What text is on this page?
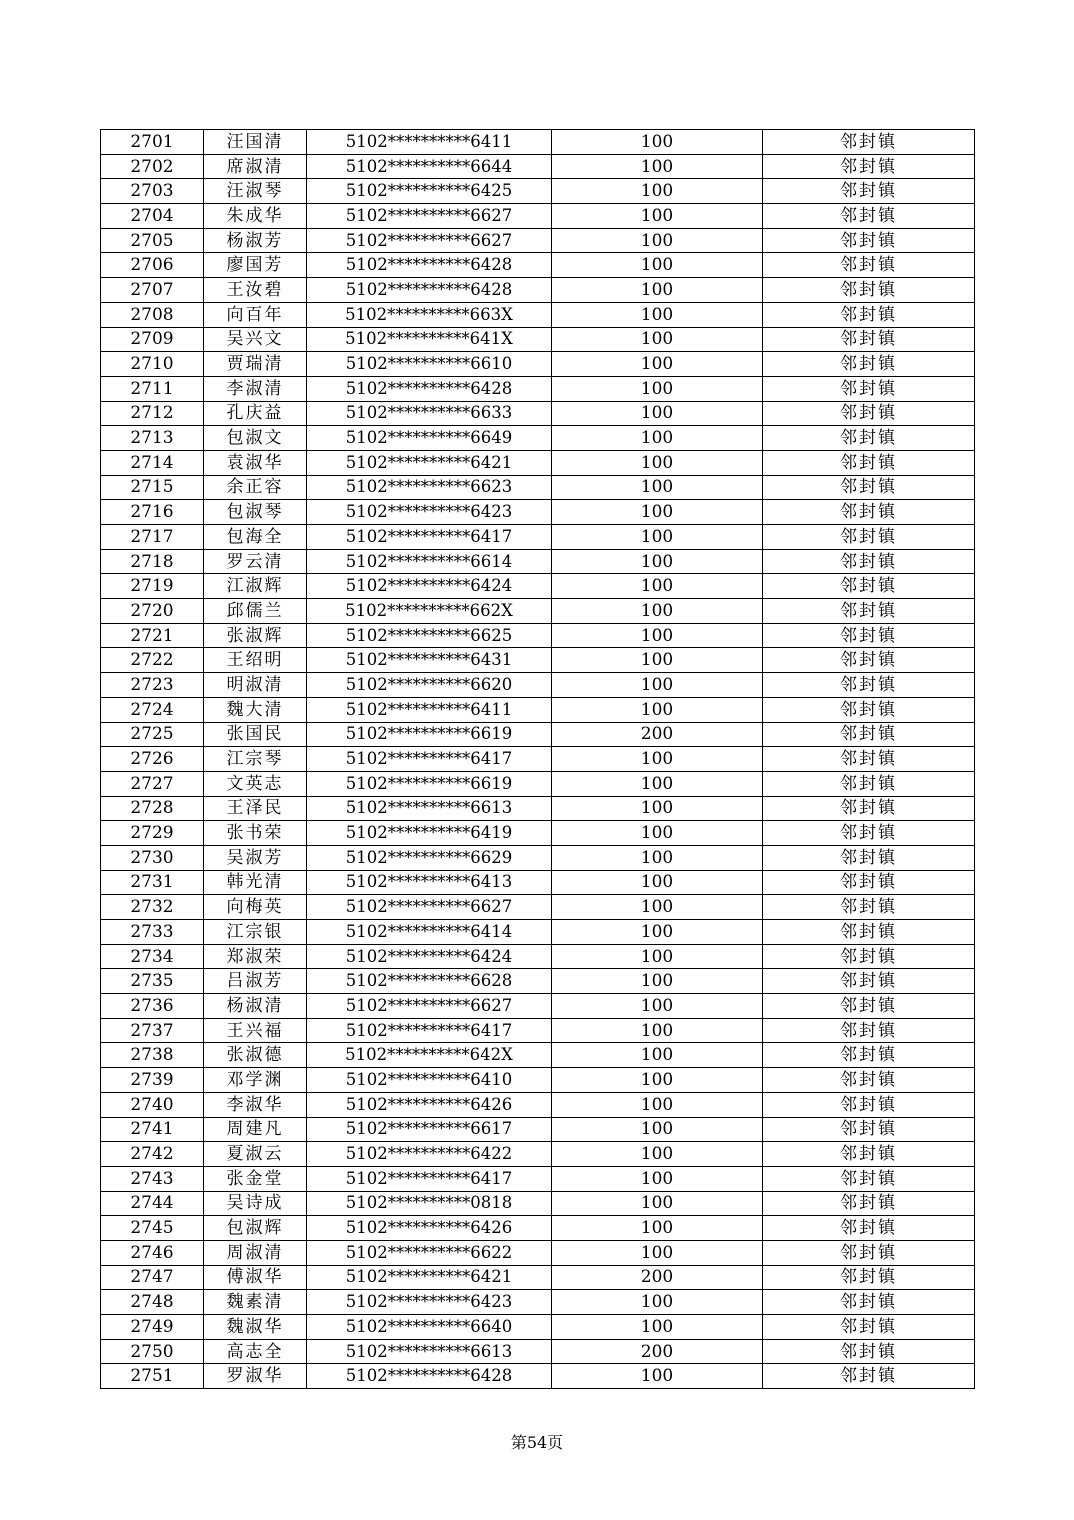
2701	汪国清	5102**********6411	100	邻封镇
2702	席淑清	5102**********6644	100	邻封镇
2703	汪淑琴	5102**********6425	100	邻封镇
2704	朱成华	5102**********6627	100	邻封镇
2705	杨淑芳	5102**********6627	100	邻封镇
2706	廖国芳	5102**********6428	100	邻封镇
2707	王汝碧	5102**********6428	100	邻封镇
2708	向百年	5102**********663X	100	邻封镇
2709	吴兴文	5102**********641X	100	邻封镇
2710	贾瑞清	5102**********6610	100	邻封镇
2711	李淑清	5102**********6428	100	邻封镇
2712	孔庆益	5102**********6633	100	邻封镇
2713	包淑文	5102**********6649	100	邻封镇
2714	袁淑华	5102**********6421	100	邻封镇
2715	余正容	5102**********6623	100	邻封镇
2716	包淑琴	5102**********6423	100	邻封镇
2717	包海全	5102**********6417	100	邻封镇
2718	罗云清	5102**********6614	100	邻封镇
2719	江淑辉	5102**********6424	100	邻封镇
2720	邱儒兰	5102**********662X	100	邻封镇
2721	张淑辉	5102**********6625	100	邻封镇
2722	王绍明	5102**********6431	100	邻封镇
2723	明淑清	5102**********6620	100	邻封镇
2724	魏大清	5102**********6411	100	邻封镇
2725	张国民	5102**********6619	200	邻封镇
2726	江宗琴	5102**********6417	100	邻封镇
2727	文英志	5102**********6619	100	邻封镇
2728	王泽民	5102**********6613	100	邻封镇
2729	张书荣	5102**********6419	100	邻封镇
2730	吴淑芳	5102**********6629	100	邻封镇
2731	韩光清	5102**********6413	100	邻封镇
2732	向梅英	5102**********6627	100	邻封镇
2733	江宗银	5102**********6414	100	邻封镇
2734	郑淑荣	5102**********6424	100	邻封镇
2735	吕淑芳	5102**********6628	100	邻封镇
2736	杨淑清	5102**********6627	100	邻封镇
2737	王兴福	5102**********6417	100	邻封镇
2738	张淑德	5102**********642X	100	邻封镇
2739	邓学渊	5102**********6410	100	邻封镇
2740	李淑华	5102**********6426	100	邻封镇
2741	周建凡	5102**********6617	100	邻封镇
2742	夏淑云	5102**********6422	100	邻封镇
2743	张金堂	5102**********6417	100	邻封镇
2744	吴诗成	5102**********0818	100	邻封镇
2745	包淑辉	5102**********6426	100	邻封镇
2746	周淑清	5102**********6622	100	邻封镇
2747	傅淑华	5102**********6421	200	邻封镇
2748	魏素清	5102**********6423	100	邻封镇
2749	魏淑华	5102**********6640	100	邻封镇
2750	高志全	5102**********6613	200	邻封镇
2751	罗淑华	5102**********6428	100	邻封镇
第54页
